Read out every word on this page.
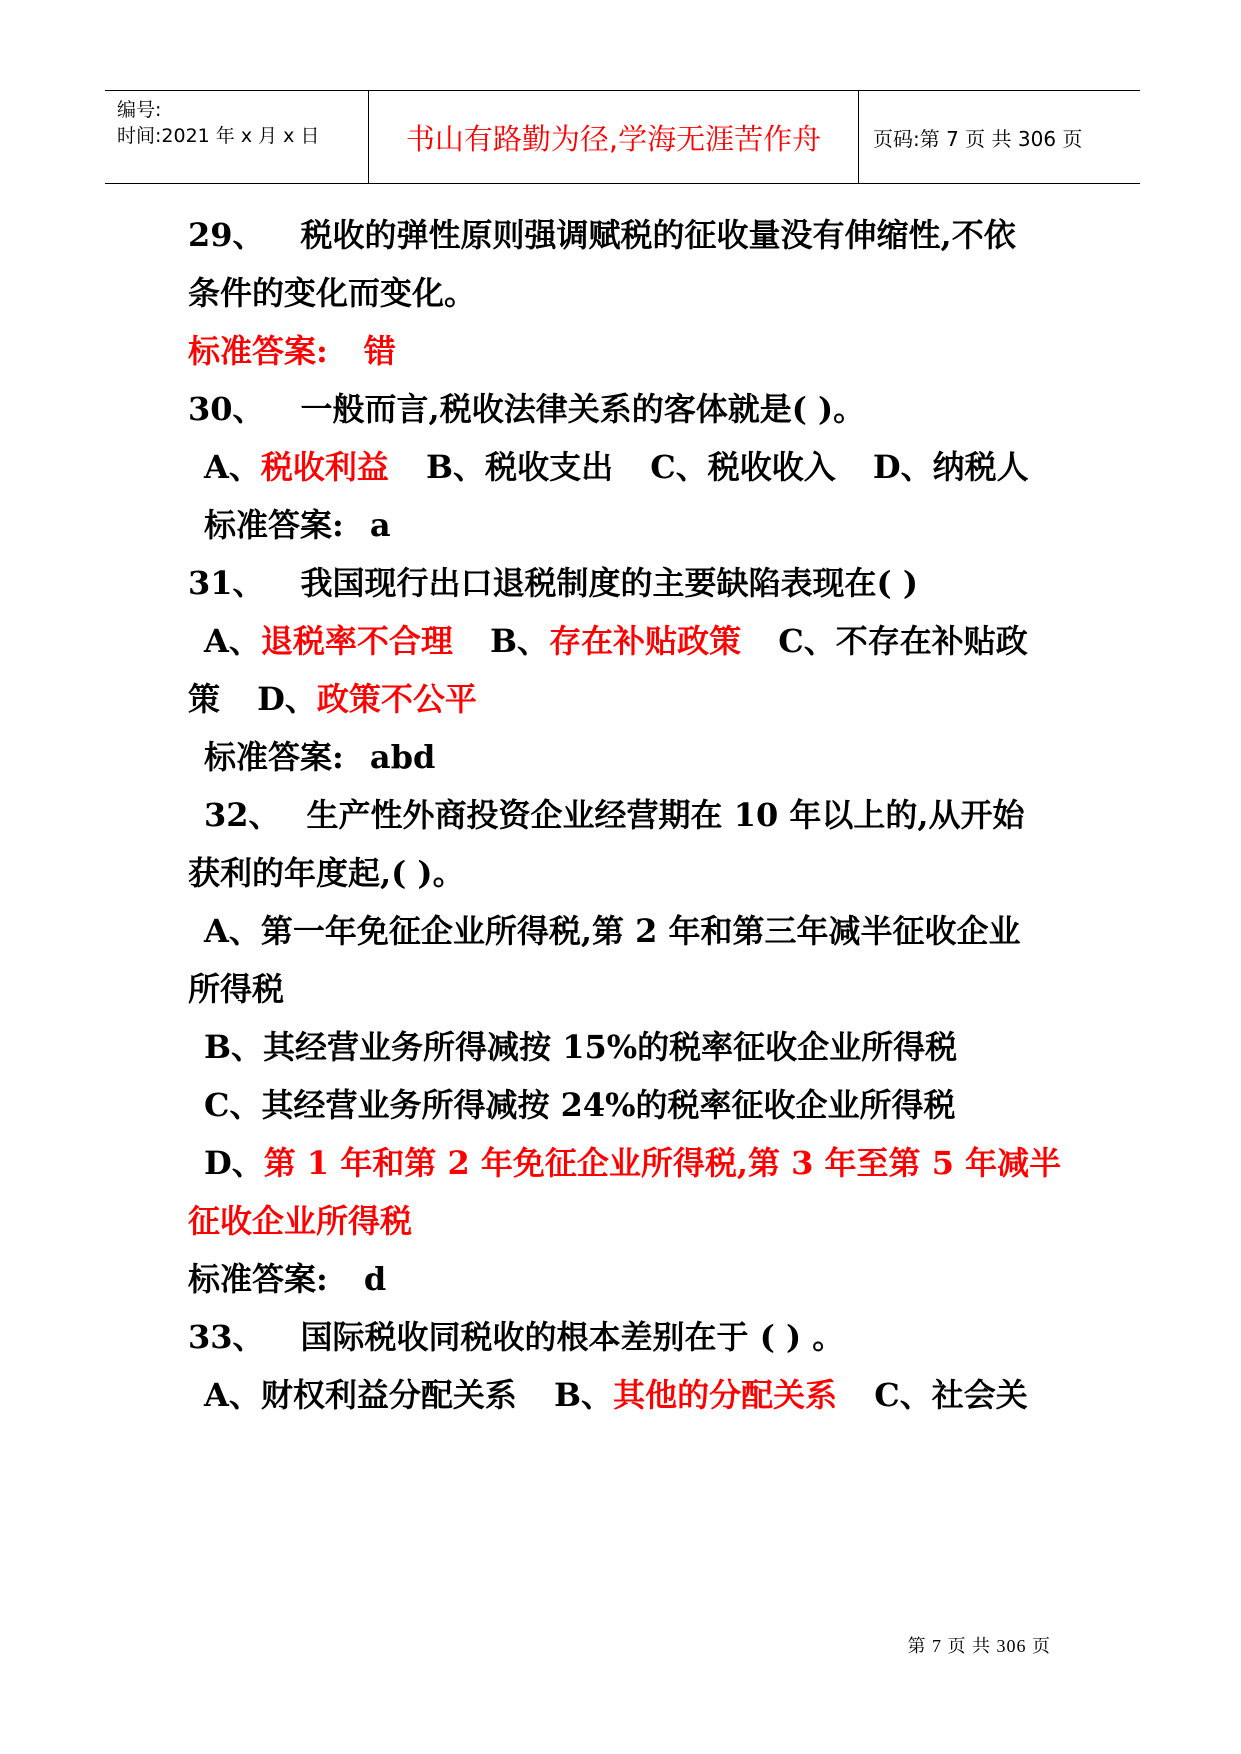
编号:
时间:2021 年 x 月 x 日	书山有路勤为径,学海无涯苦作舟	页码:第 7 页 共 306 页
29、 税收的弹性原则强调赋税的征收量没有伸缩性,不依
条件的变化而变化。
标准答案: 错
30、 一般而言,税收法律关系的客体就是( )。
A、税收利益 B、税收支出 C、税收收入 D、纳税人
标准答案: a
31、 我国现行出口退税制度的主要缺陷表现在( )
A、退税率不合理 B、存在补贴政策 C、不存在补贴政
策 D、政策不公平
标准答案: abd
32、 生产性外商投资企业经营期在 10 年以上的,从开始
获利的年度起,( )。
A、第一年免征企业所得税,第 2 年和第三年减半征收企业
所得税
B、其经营业务所得减按 15%的税率征收企业所得税
C、其经营业务所得减按 24%的税率征收企业所得税
D、第 1 年和第 2 年免征企业所得税,第 3 年至第 5 年减半
征收企业所得税
标准答案: d
33、 国际税收同税收的根本差别在于 ( ) 。
A、财权利益分配关系 B、其他的分配关系 C、社会关
第 7 页 共 306 页
